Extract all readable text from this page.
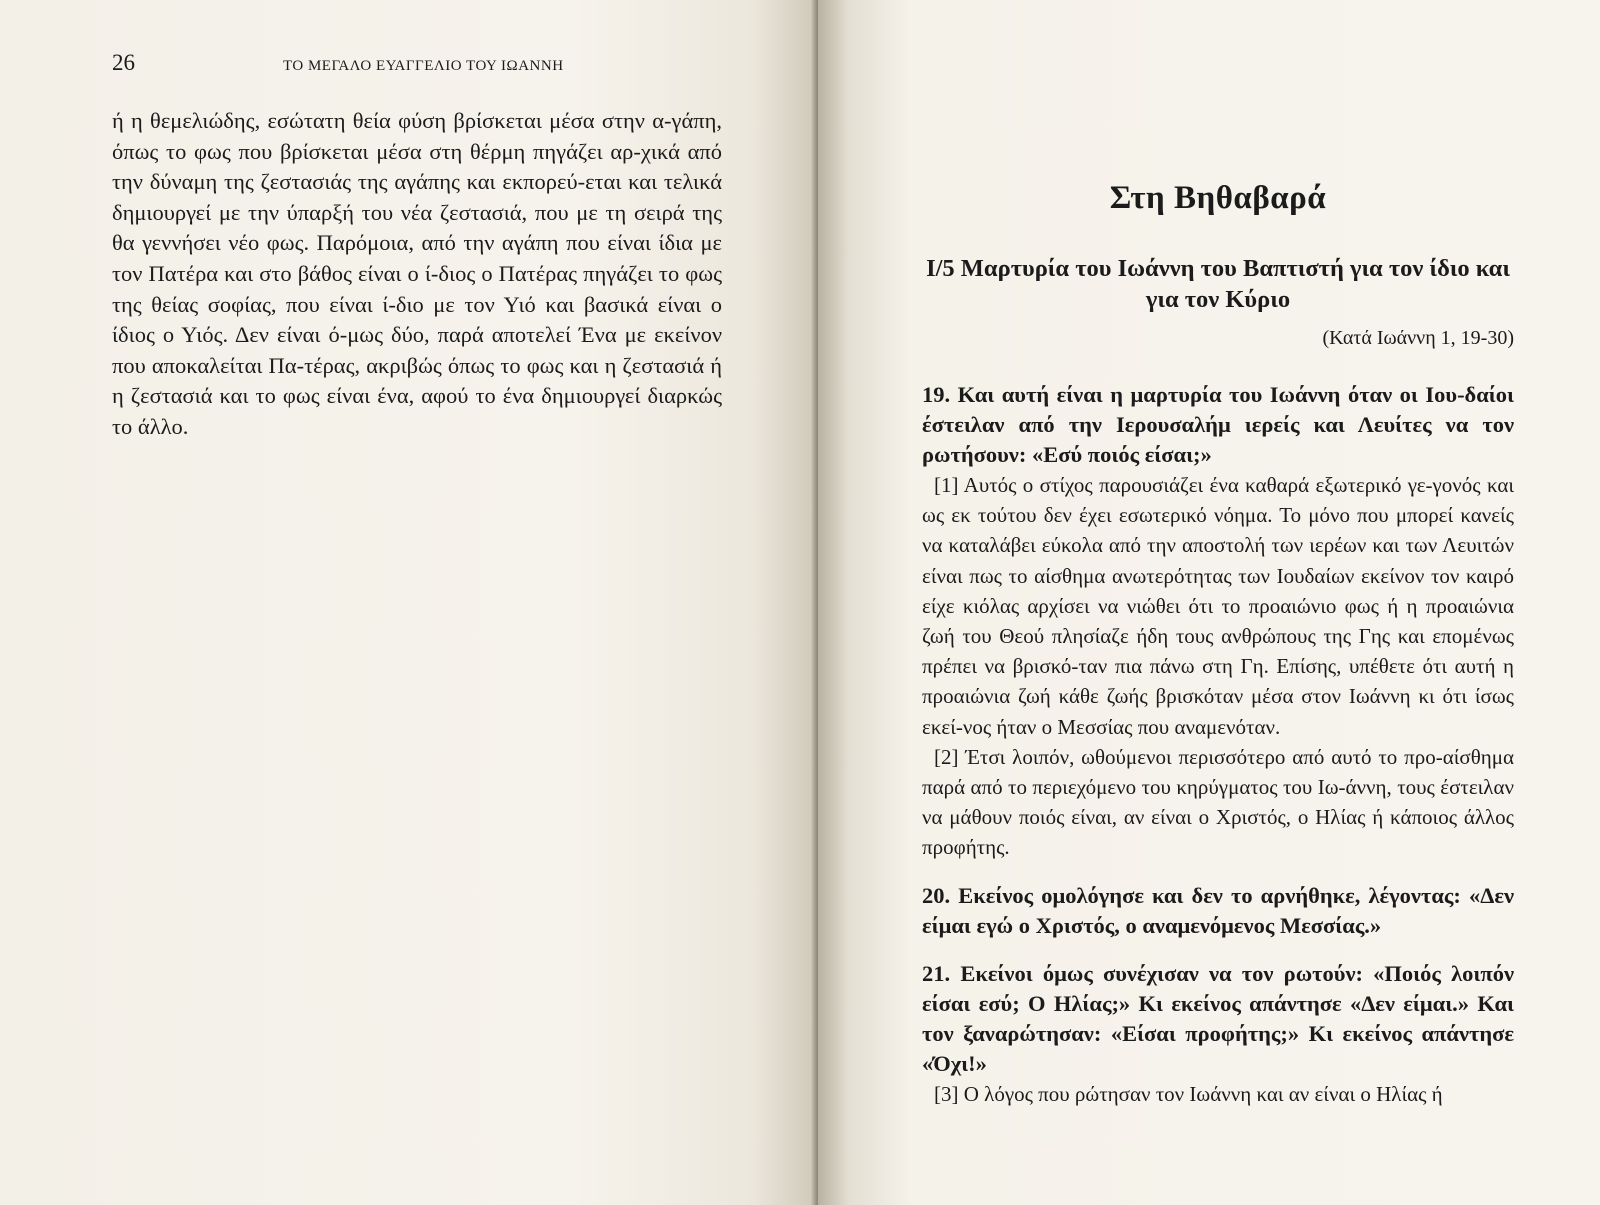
26	ΤΟ ΜΕΓΑΛΟ ΕΥΑΓΓΕΛΙΟ ΤΟΥ ΙΩΑΝΝΗ

ή η θεμελιώδης, εσώτατη θεία φύση βρίσκεται μέσα στην α-γάπη, όπως το φως που βρίσκεται μέσα στη θέρμη πηγάζει αρ-χικά από την δύναμη της ζεστασιάς της αγάπης και εκπορεύ-εται και τελικά δημιουργεί με την ύπαρξή του νέα ζεστασιά, που με τη σειρά της θα γεννήσει νέο φως. Παρόμοια, από την αγάπη που είναι ίδια με τον Πατέρα και στο βάθος είναι ο ί-διος ο Πατέρας πηγάζει το φως της θείας σοφίας, που είναι ί-διο με τον Υιό και βασικά είναι ο ίδιος ο Υιός. Δεν είναι ό-μως δύο, παρά αποτελεί Ένα με εκείνον που αποκαλείται Πα-τέρας, ακριβώς όπως το φως και η ζεστασιά ή η ζεστασιά και το φως είναι ένα, αφού το ένα δημιουργεί διαρκώς το άλλο.

Στη Βηθαβαρά
I/5 Μαρτυρία του Ιωάννη του Βαπτιστή για τον ίδιο και για τον Κύριο
(Κατά Ιωάννη 1, 19-30)

19. Και αυτή είναι η μαρτυρία του Ιωάννη όταν οι Ιου-δαίοι έστειλαν από την Ιερουσαλήμ ιερείς και Λευίτες να τον ρωτήσουν: «Εσύ ποιός είσαι;»

[1] Αυτός ο στίχος παρουσιάζει ένα καθαρά εξωτερικό γε-γονός και ως εκ τούτου δεν έχει εσωτερικό νόημα. Το μόνο που μπορεί κανείς να καταλάβει εύκολα από την αποστολή των ιερέων και των Λευιτών είναι πως το αίσθημα ανωτερότητας των Ιουδαίων εκείνον τον καιρό είχε κιόλας αρχίσει να νιώθει ότι το προαιώνιο φως ή η προαιώνια ζωή του Θεού πλησίαζε ήδη τους ανθρώπους της Γης και επομένως πρέπει να βρισκό-ταν πια πάνω στη Γη. Επίσης, υπέθετε ότι αυτή η προαιώνια ζωή κάθε ζωής βρισκόταν μέσα στον Ιωάννη κι ότι ίσως εκεί-νος ήταν ο Μεσσίας που αναμενόταν.

[2] Έτσι λοιπόν, ωθούμενοι περισσότερο από αυτό το προ-αίσθημα παρά από το περιεχόμενο του κηρύγματος του Ιω-άννη, τους έστειλαν να μάθουν ποιός είναι, αν είναι ο Χριστός, ο Ηλίας ή κάποιος άλλος προφήτης.

20. Εκείνος ομολόγησε και δεν το αρνήθηκε, λέγοντας: «Δεν είμαι εγώ ο Χριστός, ο αναμενόμενος Μεσσίας.»

21. Εκείνοι όμως συνέχισαν να τον ρωτούν: «Ποιός λοιπόν είσαι εσύ; Ο Ηλίας;» Κι εκείνος απάντησε «Δεν είμαι.» Και τον ξαναρώτησαν: «Είσαι προφήτης;» Κι εκείνος απάντησε «Όχι!»

[3] Ο λόγος που ρώτησαν τον Ιωάννη και αν είναι ο Ηλίας ή
